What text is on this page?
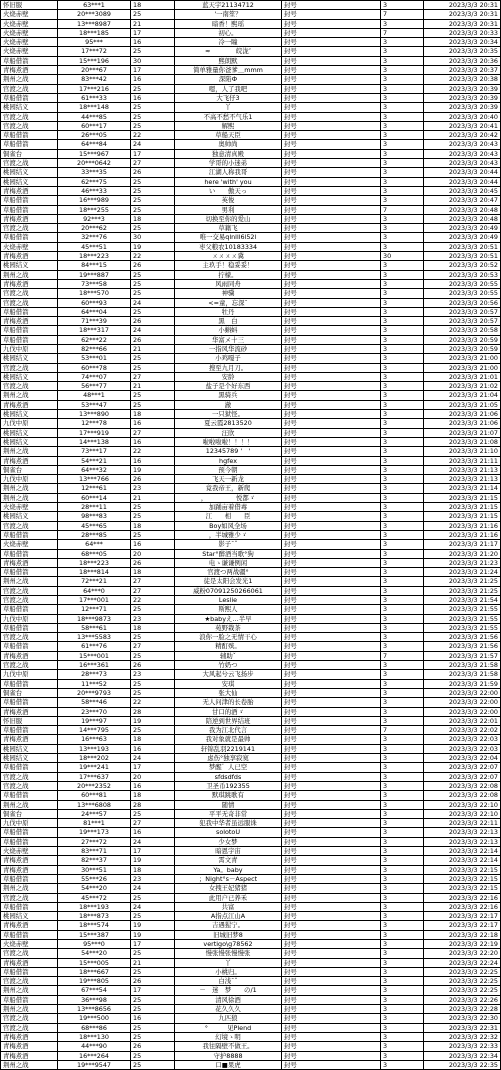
怀旧服	63***1	18	蓝天宇21134712	封号	3	2023/3/3 20:31
火烧赤壁	20***3089	25	'一南笙？	封号	7	2023/3/3 20:31
火烧赤壁	13***8987	21	暗香！熙瑶	封号	3	2023/3/3 20:31
火烧赤壁	18***185	17	初心。	封号	7	2023/3/3 20:33
火烧赤壁	95***	16	冷一瞳	封号	3	2023/3/3 20:34
火烧赤壁	17***72	25	≈　　　　皖泷″	封号	3	2023/3/3 20:35
草船借箭	15***196	30	熙朗默	封号	3	2023/3/3 20:36
青梅煮酒	20***67	17	简单雅量你爸爹＿mmm	封号	3	2023/3/3 20:37
荆州之战	83***42	16	深陷Ф	封号	3	2023/3/3 20:38
官渡之战	17***216	25	嗯，人了我吧	封号	3	2023/3/3 20:39
草船借箭	61***33	16	大飞仔3	封号	3	2023/3/3 20:39
桃园结义	18***148	25	丫	封号	3	2023/3/3 20:39
官渡之战	44***85	25	不高不愁不气乐1	封号	3	2023/3/3 20:40
官渡之战	60***17	25	解熙	封号	3	2023/3/3 20:41
草船借箭	26***05	22	草船天臣	封号	3	2023/3/3 20:42
草船借箭	64***84	24	奥帅尚	封号	3	2023/3/3 20:43
铜雀台	15***967	17	独意清真殿	封号	3	2023/3/3 20:43
官渡之战	20***0642	27	学哥的小迷弟	封号	3	2023/3/3 20:43
桃园结义	33***35	26	江湖人称我哥	封号	3	2023/3/3 20:44
桃园结义	62***75	25	here 'with' you	封号	3	2023/3/3 20:44
青梅煮酒	46***33	25	い　　傲天っ	封号	3	2023/3/3 20:45
草船借箭	16***989	25	英俊	封号	3	2023/3/3 20:47
草船借箭	18***255	25	男利	封号	7	2023/3/3 20:48
青梅煮酒	92***3	18	切换至你的爱山	封号	3	2023/3/3 20:48
官渡之战	20***62	25	草籍飞	封号	3	2023/3/3 20:49
草船借箭	32***76	30	唯一交易qlnlll6l52l	封号	3	2023/3/3 20:49
火烧赤壁	45***51	19	枣父粮农10183334	封号	3	2023/3/3 20:51
青梅煮酒	18***223	22	ㄨㄨㄨㄨ冀	封号	30	2023/3/3 20:51
桃园结义	84***15	26	主玖手！稳妥妥！	封号	3	2023/3/3 20:52
荆州之战	19***887	25	拧檬。	封号	3	2023/3/3 20:53
青梅煮酒	73***58	25	风雨同舟	封号	3	2023/3/3 20:55
官渡之战	18***570	25	神骥	封号	3	2023/3/3 20:55
官渡之战	60***93	24	<=童，忘深ˉ	封号	3	2023/3/3 20:56
草船借箭	64***04	25	牡丹	封号	3	2023/3/3 20:57
青梅煮酒	71***39	26	黑　白	封号	3	2023/3/3 20:57
草船借箭	18***317	24	小蝌蚪	封号	3	2023/3/3 20:58
草船借箭	62***22	26	华富メ十三	封号	3	2023/3/3 20:59
九伐中原	82***66	21	一指风华流砂	封号	3	2023/3/3 20:59
桃园结义	53***01	25	小鸡嘎子	封号	3	2023/3/3 21:00
官渡之战	60***78	25	搜至九月刀。	封号	3	2023/3/3 21:00
桃园结义	74***07	27	安龄	封号	3	2023/3/3 21:01
官渡之战	56***77	21	盐子是个好东西	封号	3	2023/3/3 21:02
荆州之战	48***1	25	黑骑兵	封号	3	2023/3/3 21:04
青梅煮酒	53***47	25	澈	封号	3	2023/3/3 21:05
桃园结义	13***890	18	一只狱怪。	封号	3	2023/3/3 21:06
九伐中原	12***78	16	夏云霞2813520	封号	3	2023/3/3 21:06
桃园结义	17***919	27	汪欣	封号	3	2023/3/3 21:07
桃园结义	14***138	16	啦啦啦啦！！！！	封号	3	2023/3/3 21:08
荆州之战	73***17	22	12345789 '　'	封号	3	2023/3/3 21:10
青梅煮酒	54***21	16	hgfex	封号	3	2023/3/3 21:11
铜雀台	64***32	19	预今朝	封号	3	2023/3/3 21:13
九伐中原	13***766	26	飞天一新龙	封号	3	2023/3/3 21:13
荆州之战	12***61	23	竟我帝王，新爬	封号	3	2023/3/3 21:14
荆州之战	60***14	21	，　　　　　悦都ゞ	封号	3	2023/3/3 21:15
火烧赤壁	28***11	25	加踊亩着借毒	封号	3	2023/3/3 21:15
桃园结义	98***83	25	江　　相　　臣	封号	3	2023/3/3 21:15
官渡之战	45***65	18	Boy如风全场	封号	3	2023/3/3 21:16
草船借箭	28***85	25	，半城雅少ゞ	封号	3	2023/3/3 21:16
火烧赤壁	64***	16	影子ˉˇ	封号	3	2023/3/3 21:17
草船借箭	68***05	20	Star°醉酒当歌°狗	封号	3	2023/3/3 21:20
青梅煮酒	18***223	26	电ゝ谦谦例闲	封号	3	2023/3/3 21:23
草船借箭	18***814	18	官渡つ两战疆°	封号	3	2023/3/3 21:24
荆州之战	72***21	27	徒是太阳会发光1	封号	3	2023/3/3 21:25
官渡之战	64***0	27	威粉07091250266061	封号	3	2023/3/3 21:25
官渡之战	17***001	22	Leslie	封号	3	2023/3/3 21:54
草船借箭	12***71	25	斯熙人	封号	3	2023/3/3 21:55
九伐中原	18***9873	23	★babyえ…半早	封号	3	2023/3/3 21:55
草船借箭	58***61	18	苑野栽茶	封号	3	2023/3/3 21:55
官渡之战	13***5583	25	浪你一脸之无情干心	封号	3	2023/3/3 21:56
草船借箭	61***76	27	精酊殡。	封号	3	2023/3/3 21:56
青梅煮酒	15***001	25	辅助ˇ	封号	7	2023/3/3 21:57
官渡之战	16***361	26	竹奶つ	封号	3	2023/3/3 21:58
九伐中原	28***73	23	大风起兮云飞扬步	封号	3	2023/3/3 21:58
草船借箭	11***52	25	安琪	封号	3	2023/3/3 21:59
铜雀台	20***9793	25	张大仙	封号	3	2023/3/3 22:00
草船借箭	58***46	22	无人问津的长卷胎	封号	3	2023/3/3 22:00
青梅煮酒	23***70	28	甘口的酒ゞ	封号	3	2023/3/3 22:00
怀旧服	19***97	19	陪逆到世界结班	封号	3	2023/3/3 22:01
草船借箭	14***795	25	我为江北代言	封号	7	2023/3/3 22:02
青梅煮酒	16***63	18	我对象就是最帅	封号	3	2023/3/3 22:03
桃园结义	13***193	16	轩锦乱羽2219141	封号	3	2023/3/3 22:03
桃园结义	18***202	24	虑伤°独享寂寞	封号	3	2023/3/3 22:04
草船借箭	19***241	17	梦醒゛人已空	封号	3	2023/3/3 22:07
官渡之战	17***637	20	sfdsdfds	封号	3	2023/3/3 22:07
官渡之战	20***2352	16	卫圣币192355	封号	3	2023/3/3 22:08
草船借箭	60***81	18	默琪跳歌有	封号	3	2023/3/3 22:08
荆州之战	13***6808	28	随情	封号	3	2023/3/3 22:10
铜雀台	24***57	25	平平无奇非常	封号	3	2023/3/3 22:10
九伐中原	81***1	27	犯我中华者虽远服诛	封号	3	2023/3/3 22:11
草船借箭	19***173	16	solotoU	封号	3	2023/3/3 22:13
草船借箭	27***72	24	少女梦	封号	3	2023/3/3 22:13
火烧赤壁	83***71	17	暗恩宇宙	封号	3	2023/3/3 22:14
青梅煮酒	82***37	19	霄文青	封号	3	2023/3/3 22:14
青梅煮酒	30***51	18	Ya。baby	封号	3	2023/3/3 22:15
草船借箭	55***26	23	；Night°s－Aspect	封号	3	2023/3/3 22:15
荆州之战	54***20	24	女拽王妃猪猪	封号	3	2023/3/3 22:15
官渡之战	45***72	25	此用户已养禾	封号	3	2023/3/3 22:16
草船借箭	18***193	24	共富	封号	3	2023/3/3 22:16
桃园结义	18***873	25	A指点江山A	封号	3	2023/3/3 22:17
青梅煮酒	18***574	19	吉遇猩宁。	封号	3	2023/3/3 22:17
草船借箭	15***387	19	旧城旧梦8	封号	3	2023/3/3 22:18
火烧赤壁	95***0	17	vertigo\g78562	封号	3	2023/3/3 22:19
官渡之战	54***20	25	慢张慢张慢慢张	封号	3	2023/3/3 22:20
青梅煮酒	15***005	21	丫	封号	3	2023/3/3 22:24
草船借箭	18***667	25	小桃归。	封号	3	2023/3/3 22:25
官渡之战	19***805	26	白浅ˉˇ	封号	3	2023/3/3 22:25
荆州之战	67***54	17	－　迷　梦　　の/1	封号	3	2023/3/3 22:25
草船借箭	36***98	25	清风徐酒	封号	3	2023/3/3 22:26
荆州之战	13***8656	25	花久久久	封号	3	2023/3/3 22:28
官渡之战	19***500	16	九匹狼	封号	3	2023/3/3 22:30
官渡之战	68***86	25	°　　　见Plend	封号	3	2023/3/3 22:31
青梅煮酒	18***130	25	幻境ゝ明	封号	3	2023/3/3 22:32
青梅煮酒	44***90	26	我往隔壁不做王。	封号	3	2023/3/3 22:33
青梅煮酒	16***264	25	守护8888	封号	3	2023/3/3 22:34
荆州之战	19***9547	25	口■果虎	封号	3	2023/3/3 22:35
